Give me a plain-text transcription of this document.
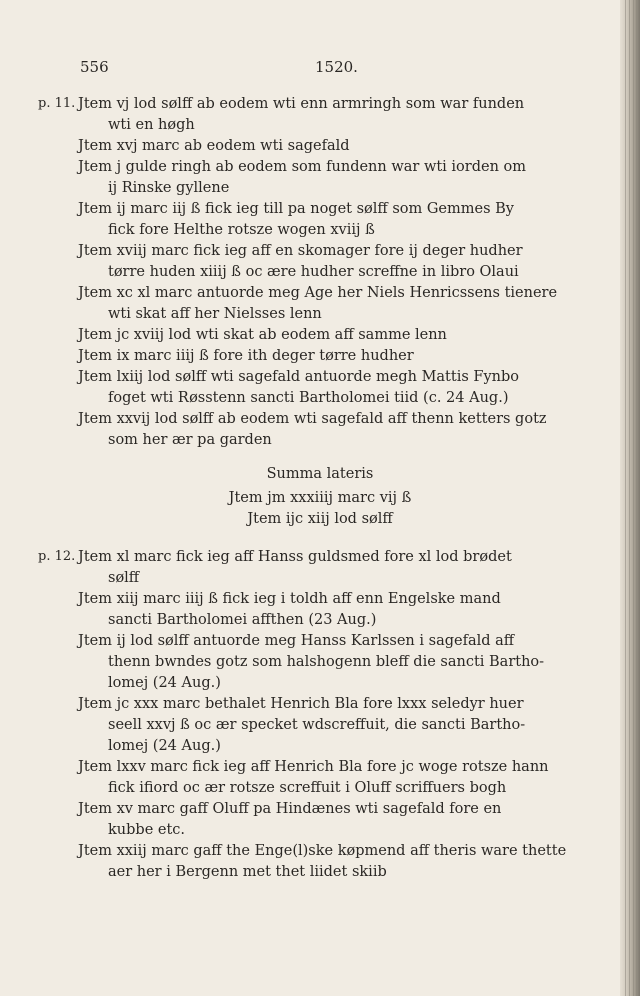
556	1520.
p. 11. Jtem vj lod sølff ab eodem wti enn armringh som war funden
wti en høgh
Jtem xvj marc ab eodem wti sagefald
Jtem j gulde ringh ab eodem som fundenn war wti iorden om
ij Rinske gyllene
Jtem ij marc iij ß fick ieg till pa noget sølff som Gemmes By
fick fore Helthe rotsze wogen xviij ß
Jtem xviij marc fick ieg aff en skomager fore ij deger hudher
tørre huden xiiij ß oc ære hudher screffne in libro Olaui
Jtem xc xl marc antuorde meg Age her Niels Henricssens tienere
wti skat aff her Nielsses lenn
Jtem jc xviij lod wti skat ab eodem aff samme lenn
Jtem ix marc iiij ß fore ith deger tørre hudher
Jtem lxiij lod sølff wti sagefald antuorde megh Mattis Fynbo
foget wti Røsstenn sancti Bartholomei tiid (c. 24 Aug.)
Jtem xxvij lod sølff ab eodem wti sagefald aff thenn ketters gotz
som her ær pa garden
Summa lateris
Jtem jm xxxiiij marc vij ß
Jtem ijc xiij lod sølff
p. 12. Jtem xl marc fick ieg aff Hanss guldsmed fore xl lod brødet
sølff
Jtem xiij marc iiij ß fick ieg i toldh aff enn Engelske mand
sancti Bartholomei affthen (23 Aug.)
Jtem ij lod sølff antuorde meg Hanss Karlssen i sagefald aff
thenn bwndes gotz som halshogenn bleff die sancti Bartho-
lomej (24 Aug.)
Jtem jc xxx marc bethalet Henrich Bla fore lxxx seledyr huer
seell xxvj ß oc ær specket wdscreffuit, die sancti Bartho-
lomej (24 Aug.)
Jtem lxxv marc fick ieg aff Henrich Bla fore jc woge rotsze hann
fick ifiord oc ær rotsze screffuit i Oluff scriffuers bogh
Jtem xv marc gaff Oluff pa Hindænes wti sagefald fore en
kubbe etc.
Jtem xxiij marc gaff the Enge(l)ske køpmend aff theris ware thette
aer her i Bergenn met thet liidet skiib
